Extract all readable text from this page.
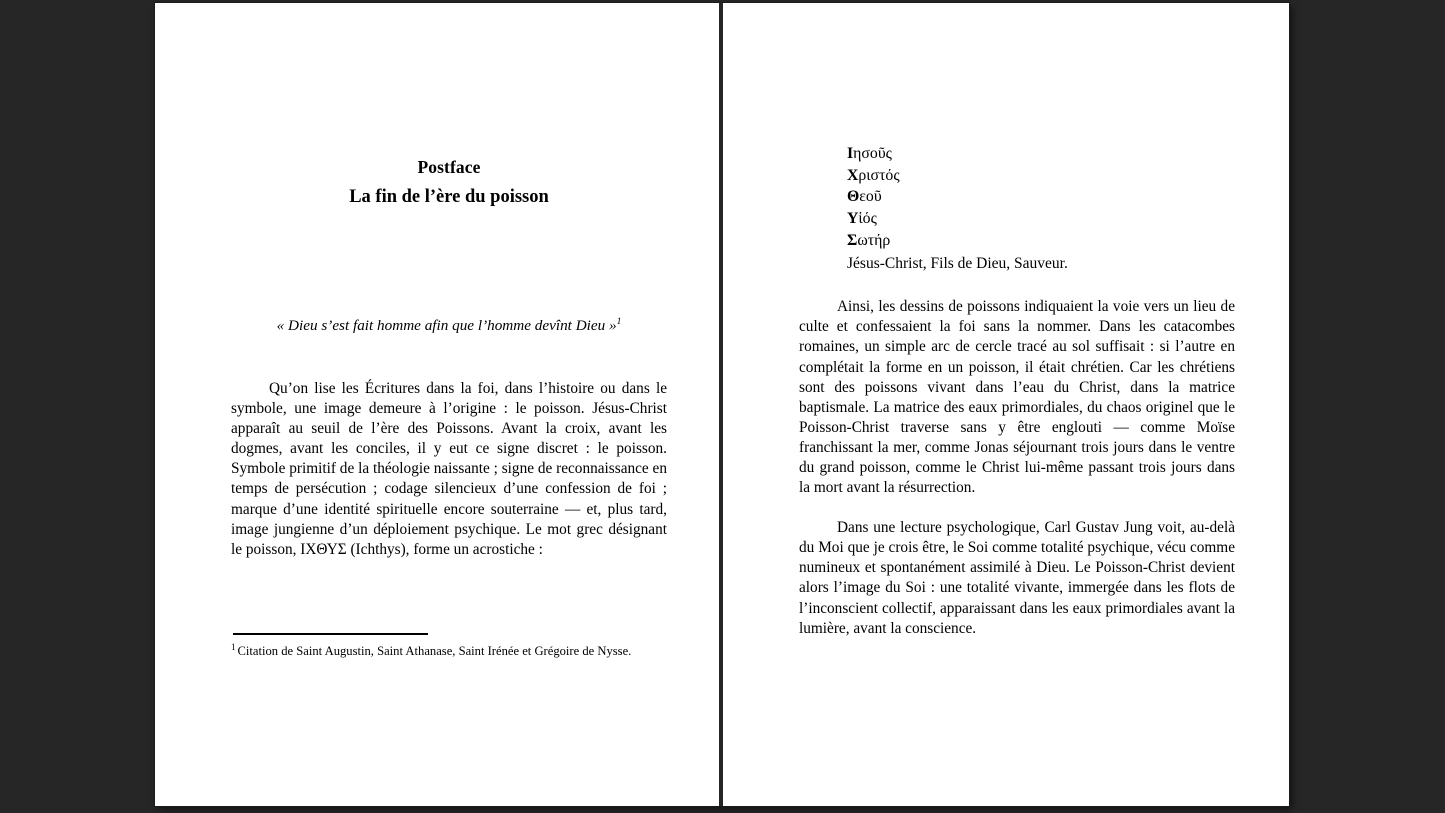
Postface
La fin de l’ère du poisson

« Dieu s’est fait homme afin que l’homme devînt Dieu »$^1$

Qu’on lise les Écritures dans la foi, dans l’histoire ou dans le symbole, une image demeure à l’origine : le poisson. Jésus-Christ apparaît au seuil de l’ère des Poissons. Avant la croix, avant les dogmes, avant les conciles, il y eut ce signe discret : le poisson. Symbole primitif de la théologie naissante ; signe de reconnaissance en temps de persécution ; codage silencieux d’une confession de foi ; marque d’une identité spirituelle encore souterraine — et, plus tard, image jungienne d’un déploiement psychique. Le mot grec désignant le poisson, ΙΧΘΥΣ (Ichthys), forme un acrostiche :

$^1$ Citation de Saint Augustin, Saint Athanase, Saint Irénée et Grégoire de Nysse.

Ιησοῦς
Χριστός
Θεοῦ
Υἱός
Σωτήρ
Jésus-Christ, Fils de Dieu, Sauveur.

Ainsi, les dessins de poissons indiquaient la voie vers un lieu de culte et confessaient la foi sans la nommer. Dans les catacombes romaines, un simple arc de cercle tracé au sol suffisait : si l’autre en complétait la forme en un poisson, il était chrétien. Car les chrétiens sont des poissons vivant dans l’eau du Christ, dans la matrice baptismale. La matrice des eaux primordiales, du chaos originel que le Poisson-Christ traverse sans y être englouti — comme Moïse franchissant la mer, comme Jonas séjournant trois jours dans le ventre du grand poisson, comme le Christ lui-même passant trois jours dans la mort avant la résurrection.

Dans une lecture psychologique, Carl Gustav Jung voit, au-delà du Moi que je crois être, le Soi comme totalité psychique, vécu comme numineux et spontanément assimilé à Dieu. Le Poisson-Christ devient alors l’image du Soi : une totalité vivante, immergée dans les flots de l’inconscient collectif, apparaissant dans les eaux primordiales avant la lumière, avant la conscience.
